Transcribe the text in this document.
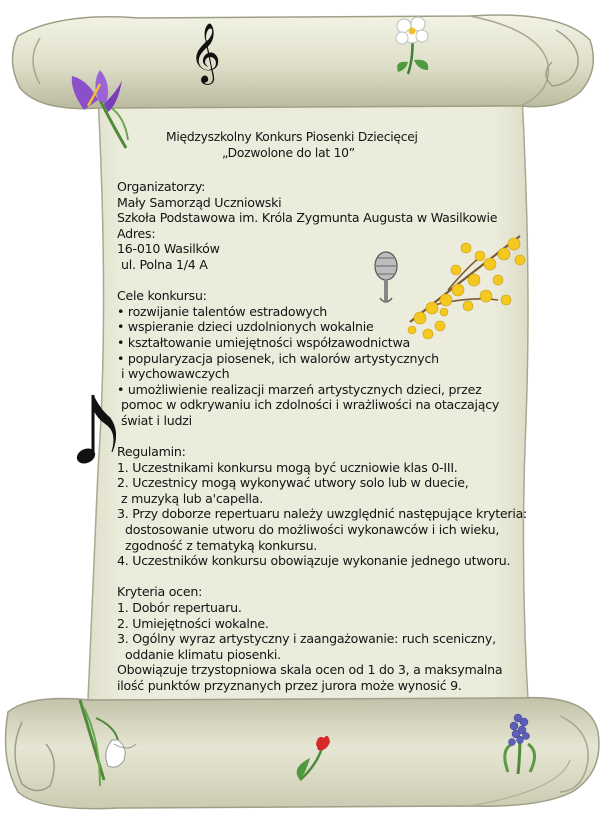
𝄞
Międzyszkolny Konkurs Piosenki Dziecięcej
„Dozwolone do lat 10”
Organizatorzy:
Mały Samorząd Uczniowski
Szkoła Podstawowa im. Króla Zygmunta Augusta w Wasilkowie
Adres:
16-010 Wasilków
ul. Polna 1/4 A
Cele konkursu:
• rozwijanie talentów estradowych
• wspieranie dzieci uzdolnionych wokalnie
• kształtowanie umiejętności współzawodnictwa
• popularyzacja piosenek, ich walorów artystycznych
i wychowawczych
• umożliwienie realizacji marzeń artystycznych dzieci, przez
pomoc w odkrywaniu ich zdolności i wrażliwości na otaczający
świat i ludzi
Regulamin:
1. Uczestnikami konkursu mogą być uczniowie klas 0-III.
2. Uczestnicy mogą wykonywać utwory solo lub w duecie,
z muzyką lub a'capella.
3. Przy doborze repertuaru należy uwzględnić następujące kryteria:
dostosowanie utworu do możliwości wykonawców i ich wieku,
zgodność z tematyką konkursu.
4. Uczestników konkursu obowiązuje wykonanie jednego utworu.
Kryteria ocen:
1. Dobór repertuaru.
2. Umiejętności wokalne.
3. Ogólny wyraz artystyczny i zaangażowanie: ruch sceniczny,
oddanie klimatu piosenki.
Obowiązuje trzystopniowa skala ocen od 1 do 3, a maksymalna
ilość punktów przyznanych przez jurora może wynosić 9.
